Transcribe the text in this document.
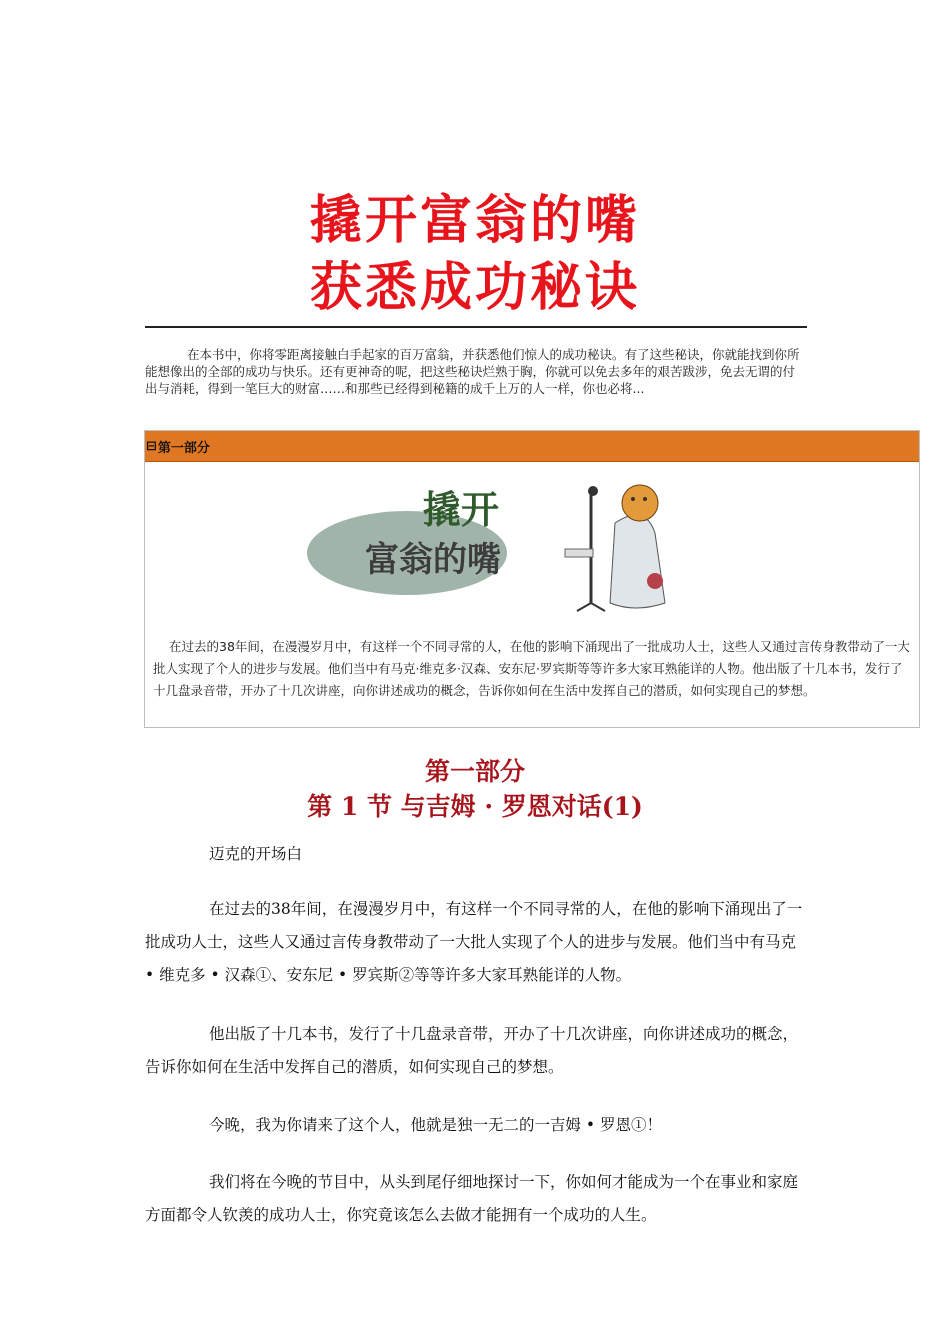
撬开富翁的嘴
获悉成功秘诀
在本书中，你将零距离接触白手起家的百万富翁，并获悉他们惊人的成功秘诀。有了这些秘诀，你就能找到你所能想像出的全部的成功与快乐。还有更神奇的呢，把这些秘诀烂熟于胸，你就可以免去多年的艰苦跋涉，免去无谓的付出与消耗，得到一笔巨大的财富……和那些已经得到秘籍的成千上万的人一样，你也必将...
⊟ 第一部分
撬开
富翁的嘴
在过去的38年间，在漫漫岁月中，有这样一个不同寻常的人，在他的影响下涌现出了一批成功人士，这些人又通过言传身教带动了一大批人实现了个人的进步与发展。他们当中有马克·维克多·汉森、安东尼·罗宾斯等等许多大家耳熟能详的人物。他出版了十几本书，发行了十几盘录音带，开办了十几次讲座，向你讲述成功的概念，告诉你如何在生活中发挥自己的潜质，如何实现自己的梦想。
第一部分
第 1 节 与吉姆 · 罗恩对话(1)
迈克的开场白
在过去的38年间，在漫漫岁月中，有这样一个不同寻常的人，在他的影响下涌现出了一批成功人士，这些人又通过言传身教带动了一大批人实现了个人的进步与发展。他们当中有马克 • 维克多 • 汉森①、安东尼 • 罗宾斯②等等许多大家耳熟能详的人物。
他出版了十几本书，发行了十几盘录音带，开办了十几次讲座，向你讲述成功的概念，告诉你如何在生活中发挥自己的潜质，如何实现自己的梦想。
今晚，我为你请来了这个人，他就是独一无二的一吉姆 • 罗恩①！
我们将在今晚的节目中，从头到尾仔细地探讨一下，你如何才能成为一个在事业和家庭方面都令人钦羡的成功人士，你究竟该怎么去做才能拥有一个成功的人生。
